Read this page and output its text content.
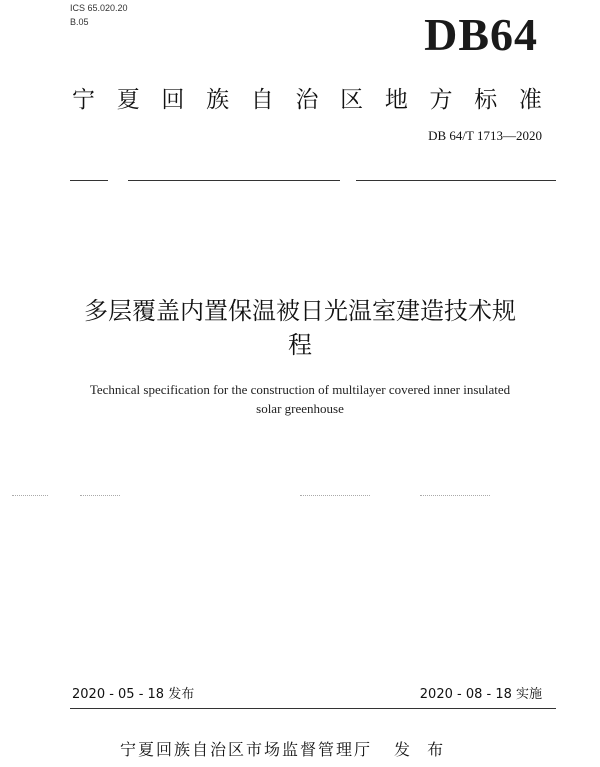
ICS 65.020.20
B.05	DB64
宁 夏 回 族 自 治 区 地 方 标 准
DB 64/T 1713—2020
多层覆盖内置保温被日光温室建造技术规
程
Technical specification for the construction of multilayer covered inner insulated
solar greenhouse
2020 - 05 - 18 发布	2020 - 08 - 18 实施
宁夏回族自治区市场监督管理厅 发 布
